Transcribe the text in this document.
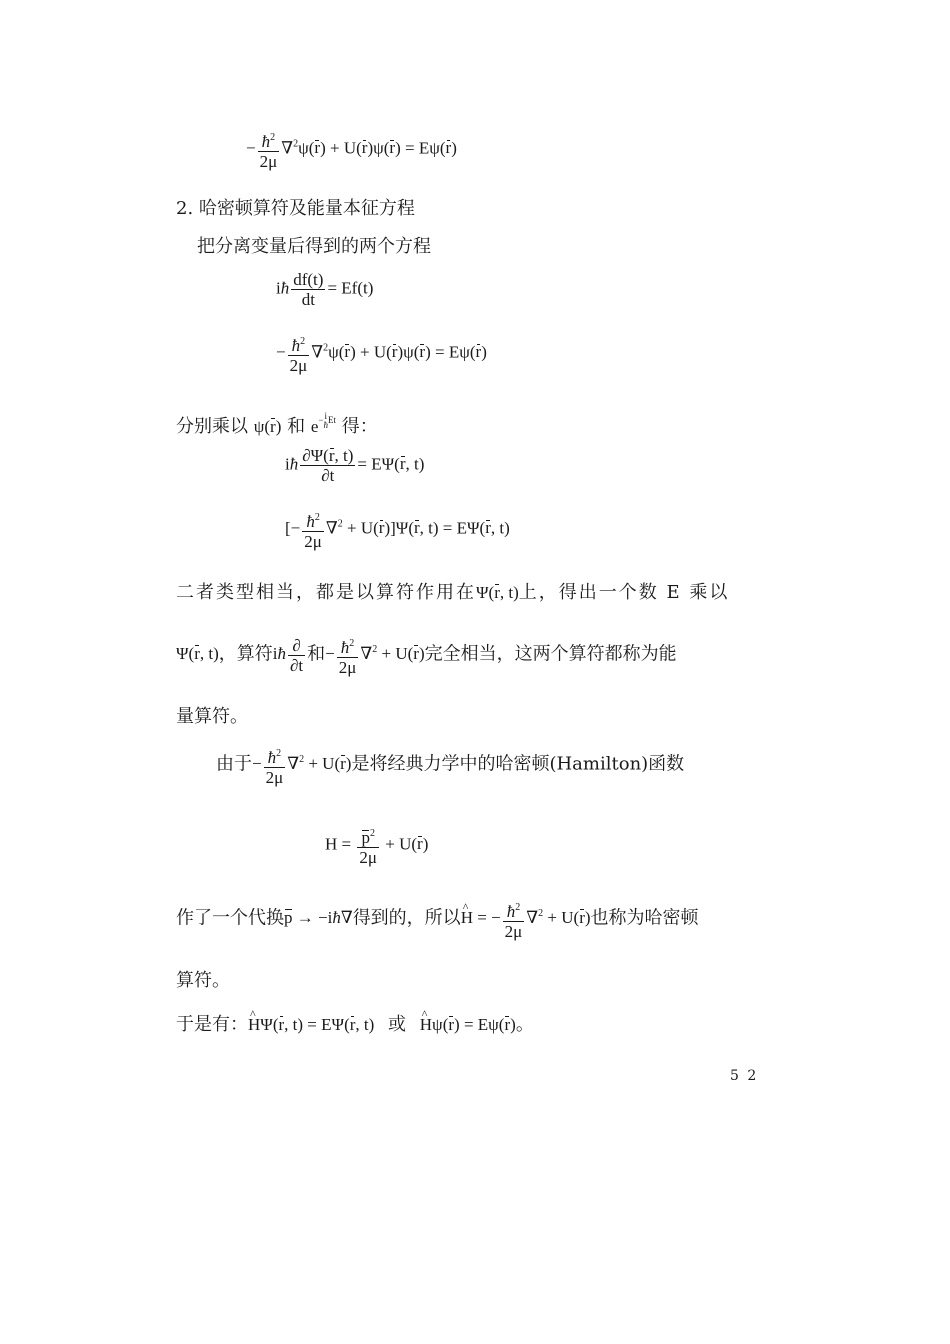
− $\frac{ħ^2}{2\mu} \nabla^2\psi(r) + U(r)\psi(r) = E\psi(r)$
2. 哈密顿算符及能量本征方程
把分离变量后得到的两个方程
iħ $\frac{df(t)}{dt} = Ef(t)$
− $\frac{ħ^2}{2\mu} \nabla^2\psi(r) + U(r)\psi(r) = E\psi(r)$
分别乘以 ψ(r) 和 e− i
ħ Et 得：
iħ $\frac{\partial\Psi(r, t)}{\partial t} = E\Psi(r$, t)
[− $\frac{ħ^2}{2\mu} \nabla^2 + U(r)]\Psi(r$, t) = EΨ(r, t)
二者类型相当，都是以算符作用在Ψ(r, t)上，得出一个数 E 乘以
Ψ(r, t)，算符iħ $\frac{\partial}{\partial t}$ 和− $\frac{ħ^2}{2\mu} \nabla^2 + U(r)$完全相当，这两个算符都称为能
量算符。
由于− $\frac{ħ^2}{2\mu} \nabla^2 + U(r)$是将经典力学中的哈密顿(Hamilton)函数
$H = \frac{p^2}{2\mu} + U(r)$
作了一个代换p → −iħ∇得到的，所以^ H = − $\frac{ħ^2}{2\mu} \nabla^2 + U(r)$也称为哈密顿
算符。
于是有：^ HΨ(r, t) = EΨ(r, t) 或 ^ Hψ(r) = Eψ(r)。
5 2
